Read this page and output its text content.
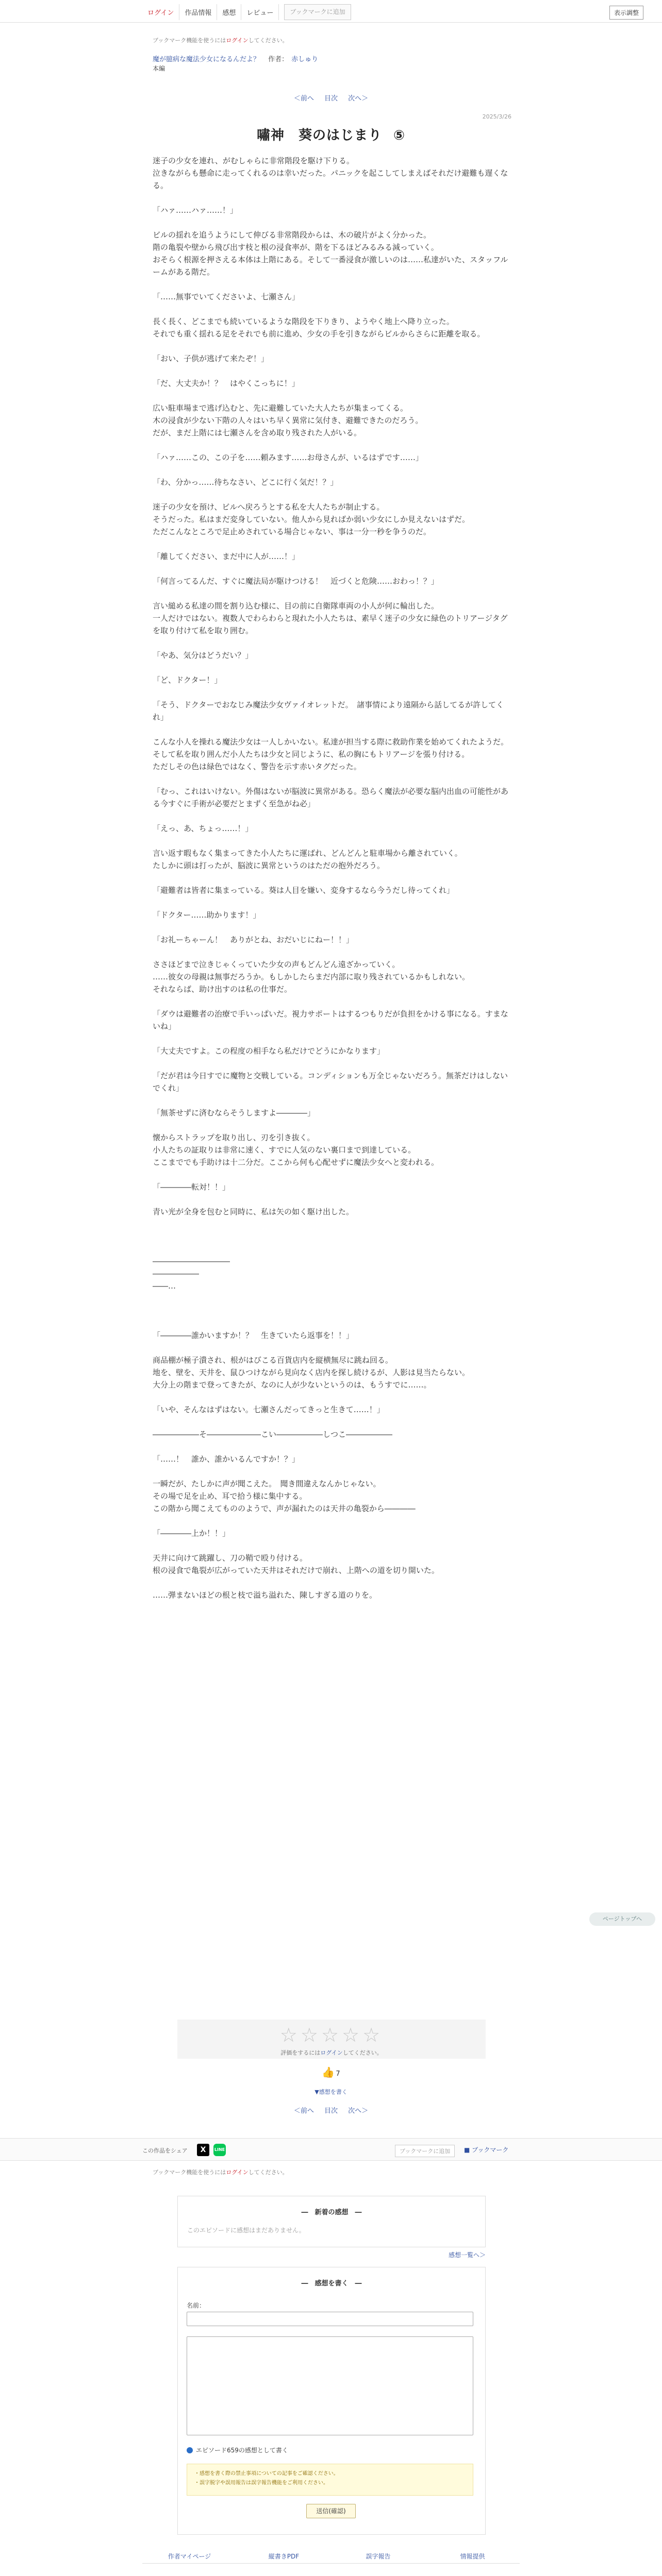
ログイン	作品情報	感想	レビュー	ブックマークに追加	表示調整
ブックマーク機能を使うにはログインしてください。
魔が臆病な魔法少女になるんだよ？ 作者： 赤しゅり
本編
＜前へ 目次 次へ＞
2025/3/26
嘯神　葵のはじまり ⑤

迷子の少女を連れ、がむしゃらに非常階段を駆け下りる。

泣きながらも懸命に走ってくれるのは幸いだった。パニックを起こしてしまえばそれだけ避難も遅くなる。

「ハァ……ハァ……！」

ビルの揺れを追うようにして伸びる非常階段からは、木の破片がよく分かった。

階の亀裂や壁から飛び出す枝と根の浸食率が、階を下るほどみるみる減っていく。

おそらく根源を押さえる本体は上階にある。そして一番浸食が激しいのは……私達がいた、スタッフルームがある階だ。

「……無事でいてくださいよ、七瀬さん」

長く長く、どこまでも続いているような階段を下りきり、ようやく地上へ降り立った。

それでも重く揺れる足をそれでも前に進め、少女の手を引きながらビルからさらに距離を取る。

「おい、子供が逃げて来たぞ！」

「だ、大丈夫か！？　はやくこっちに！」

広い駐車場まで逃げ込むと、先に避難していた大人たちが集まってくる。

木の浸食が少ない下階の人々はいち早く異常に気付き、避難できたのだろう。

だが、まだ上階には七瀬さんを含め取り残された人がいる。

「ハァ……この、この子を……頼みます……お母さんが、いるはずです……」

「わ、分かっ……待ちなさい、どこに行く気だ！？」

迷子の少女を預け、ビルへ戻ろうとする私を大人たちが制止する。

そうだった。私はまだ変身していない。他人から見ればか弱い少女にしか見えないはずだ。

ただこんなところで足止めされている場合じゃない、事は一分一秒を争うのだ。

「離してください、まだ中に人が……！」

「何言ってるんだ、すぐに魔法局が駆けつける！　近づくと危険……おわっ！？」

言い縋める私達の間を割り込む様に、目の前に自衛隊車両の小人が何に輪出した。

一人だけではない。複数人でわらわらと現れた小人たちは、素早く迷子の少女に緑色のトリアージタグを取り付けて私を取り囲む。

「やあ、気分はどうだい？」

「ど、ドクター！」

「そう、ドクターでおなじみ魔法少女ヴァイオレットだ。　諸事情により遠隔から話してるが許してくれ」

こんな小人を操れる魔法少女は一人しかいない。私達が担当する際に救助作業を始めてくれたようだ。

そして私を取り囲んだ小人たちは少女と同じように、私の胸にもトリアージを張り付ける。

ただしその色は緑色ではなく、警告を示す赤いタグだった。

「むっ、これはいけない。外傷はないが脳波に異常がある。恐らく魔法が必要な脳内出血の可能性がある今すぐに手術が必要だとまずく至急がね必」

「えっ、あ、ちょっ……！」

言い返す暇もなく集まってきた小人たちに運ばれ、どんどんと駐車場から離されていく。

たしかに頭は打ったが、脳波に異常というのはただの抱外だろう。

「避難者は皆者に集まっている。葵は人目を嫌い、変身するなら今うだし待ってくれ」

「ドクター……助かります！」

「お礼ーちゃーん！　ありがとね、おだいじにねー！！」

ささほどまで泣きじゃくっていた少女の声もどんどん遠ざかっていく。

……彼女の母親は無事だろうか。もしかしたらまだ内部に取り残されているかもしれない。

それならば、助け出すのは私の仕事だ。

「ダウは避難者の治療で手いっぱいだ。視力サポートはするつもりだが負担をかける事になる。すまないね」

「大丈夫ですよ。この程度の相手なら私だけでどうにかなります」

「だが君は今日すでに魔物と交戦している。コンディションも万全じゃないだろう。無茶だけはしないでくれ」

「無茶せずに済むならそうしますよ――――」

懐からストラップを取り出し、刃を引き抜く。

小人たちの証取りは非常に速く、すでに人気のない裏口まで到達している。

ここまででも手助けは十二分だ。ここから何も心配せずに魔法少女へと変われる。

「――――転対！！」

青い光が全身を包むと同時に、私は矢の如く駆け出した。

――――――――――

――――――

――…

「――――誰かいますか！？　生きていたら返事を！！」

商品棚が極子潰され、根がはびこる百貨店内を縦横無尽に跳ね回る。

地を、壁を、天井を、鼠ひつけながら見向なく店内を探し続けるが、人影は見当たらない。

大分上の階まで登ってきたが、なのに人が少ないというのは、もうすでに……。

「いや、そんなはずはない。七瀬さんだってきっと生きて……！」

――――――そ―――――――こい――――――しつこ――――――

「……！　誰か、誰かいるんですか！？」

一瞬だが、たしかに声が聞こえた。　聞き間違えなんかじゃない。

その場で足を止め、耳で拾う様に集中する。

この階から聞こえてもののようで、声が漏れたのは天井の亀裂から――――

「――――上か！！」

天井に向けて跳躍し、刀の鞘で殴り付ける。

根の浸食で亀裂が広がっていた天井はそれだけで崩れ、上階への道を切り開いた。

……弾まないほどの根と枝で溢ち溢れた、陳しすぎる道のりを。

ページトップへ
☆☆☆☆☆
評価をするにはログインしてください。
👍 7
▼感想を書く
＜前へ 目次 次へ＞
この作品をシェア	X	LINE	ブックマークに追加	■ ブックマーク
ブックマーク機能を使うにはログインしてください。
―　新着の感想　―
このエピソードに感想はまだありません。
感想一覧へ＞
―　感想を書く　―
名前：
エピソード659の感想として書く

・感想を書く際の禁止事項についての記事をご確認ください。

・誤字脱字や誤用報告は誤字報告機能をご利用ください。

送信(確認)
作者マイページ	縦書きPDF	誤字報告	情報提供
